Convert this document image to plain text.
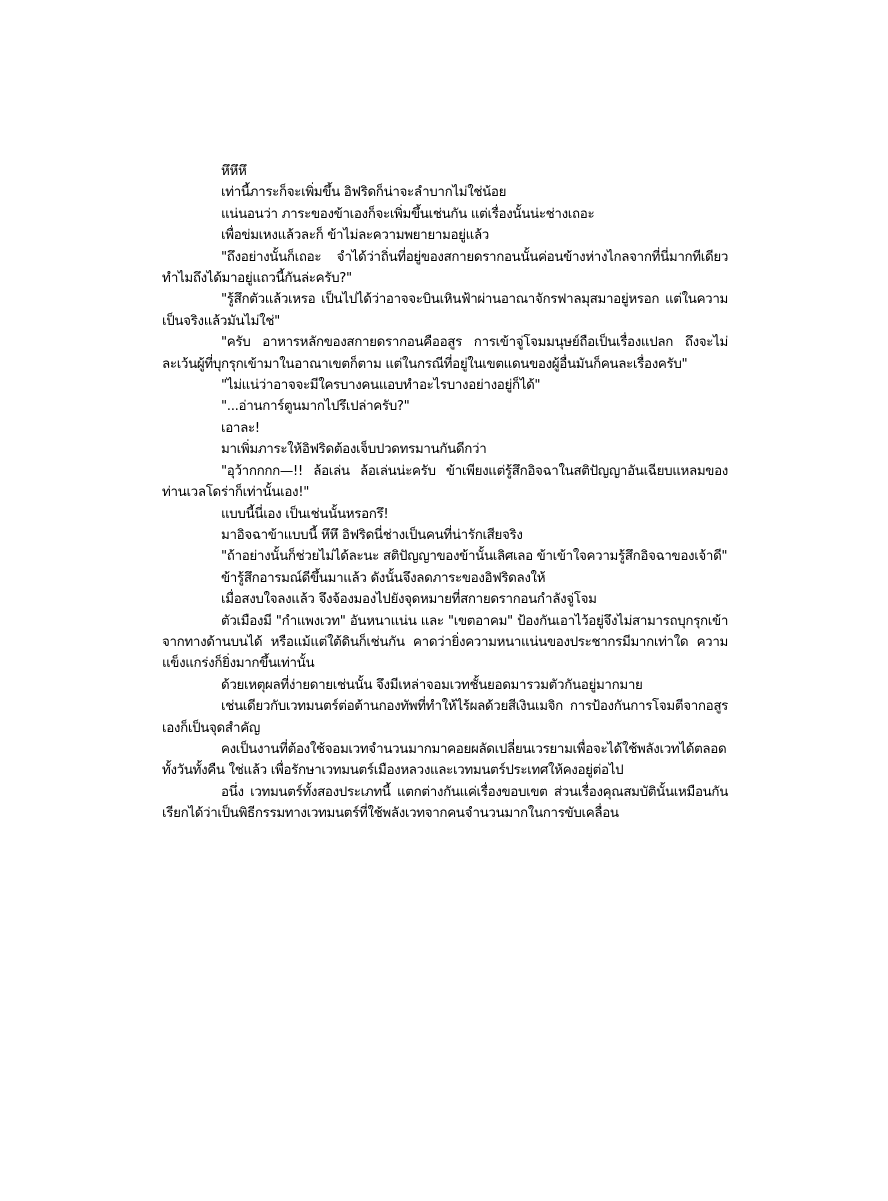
หึหึหึ

เท่านี้ภาระก็จะเพิ่มขึ้น อิฟริดก็น่าจะลำบากไม่ใช่น้อย

แน่นอนว่า ภาระของข้าเองก็จะเพิ่มขึ้นเช่นกัน แต่เรื่องนั้นน่ะช่างเถอะ

เพื่อข่มเหงแล้วละก็ ข้าไม่ละความพยายามอยู่แล้ว

"ถึงอย่างนั้นก็เถอะ จำได้ว่าถิ่นที่อยู่ของสกายดรากอนนั้นค่อนข้างห่างไกลจากที่นี่มากทีเดียว ทำไมถึงได้มาอยู่แถวนี้กันล่ะครับ?"

"รู้สึกตัวแล้วเหรอ เป็นไปได้ว่าอาจจะบินเหินฟ้าผ่านอาณาจักรฟาลมุสมาอยู่หรอก แต่ในความเป็นจริงแล้วมันไม่ใช่"

"ครับ อาหารหลักของสกายดรากอนคืออสูร การเข้าจู่โจมมนุษย์ถือเป็นเรื่องแปลก ถึงจะไม่ละเว้นผู้ที่บุกรุกเข้ามาในอาณาเขตก็ตาม แต่ในกรณีที่อยู่ในเขตแดนของผู้อื่นมันก็คนละเรื่องครับ"

"ไม่แน่ว่าอาจจะมีใครบางคนแอบทำอะไรบางอย่างอยู่ก็ได้"

"...อ่านการ์ตูนมากไปรึเปล่าครับ?"

เอาละ!

มาเพิ่มภาระให้อิฟริดต้องเจ็บปวดทรมานกันดีกว่า

"อุว้ากกกก—!! ล้อเล่น ล้อเล่นน่ะครับ ข้าเพียงแต่รู้สึกอิจฉาในสติปัญญาอันเฉียบแหลมของท่านเวลโดร่าก็เท่านั้นเอง!"

แบบนี้นี่เอง เป็นเช่นนั้นหรอกรึ!

มาอิจฉาข้าแบบนี้ หึหึ อิฟริดนี่ช่างเป็นคนที่น่ารักเสียจริง

"ถ้าอย่างนั้นก็ช่วยไม่ได้ละนะ สติปัญญาของข้านั้นเลิศเลอ ข้าเข้าใจความรู้สึกอิจฉาของเจ้าดี"

ข้ารู้สึกอารมณ์ดีขึ้นมาแล้ว ดังนั้นจึงลดภาระของอิฟริดลงให้

เมื่อสงบใจลงแล้ว จึงจ้องมองไปยังจุดหมายที่สกายดรากอนกำลังจู่โจม

ตัวเมืองมี "กำแพงเวท" อันหนาแน่น และ "เขตอาคม" ป้องกันเอาไว้อยู่จึงไม่สามารถบุกรุกเข้าจากทางด้านบนได้ หรือแม้แต่ใต้ดินก็เช่นกัน คาดว่ายิ่งความหนาแน่นของประชากรมีมากเท่าใด ความแข็งแกร่งก็ยิ่งมากขึ้นเท่านั้น

ด้วยเหตุผลที่ง่ายดายเช่นนั้น จึงมีเหล่าจอมเวทชั้นยอดมารวมตัวกันอยู่มากมาย

เช่นเดียวกับเวทมนตร์ต่อต้านกองทัพที่ทำให้ไร้ผลด้วยสีเงินเมจิก การป้องกันการโจมตีจากอสูรเองก็เป็นจุดสำคัญ

คงเป็นงานที่ต้องใช้จอมเวทจำนวนมากมาคอยผลัดเปลี่ยนเวรยามเพื่อจะได้ใช้พลังเวทได้ตลอดทั้งวันทั้งคืน ใช่แล้ว เพื่อรักษาเวทมนตร์เมืองหลวงและเวทมนตร์ประเทศให้คงอยู่ต่อไป

อนึ่ง เวทมนตร์ทั้งสองประเภทนี้ แตกต่างกันแค่เรื่องขอบเขต ส่วนเรื่องคุณสมบัตินั้นเหมือนกัน เรียกได้ว่าเป็นพิธีกรรมทางเวทมนตร์ที่ใช้พลังเวทจากคนจำนวนมากในการขับเคลื่อน
